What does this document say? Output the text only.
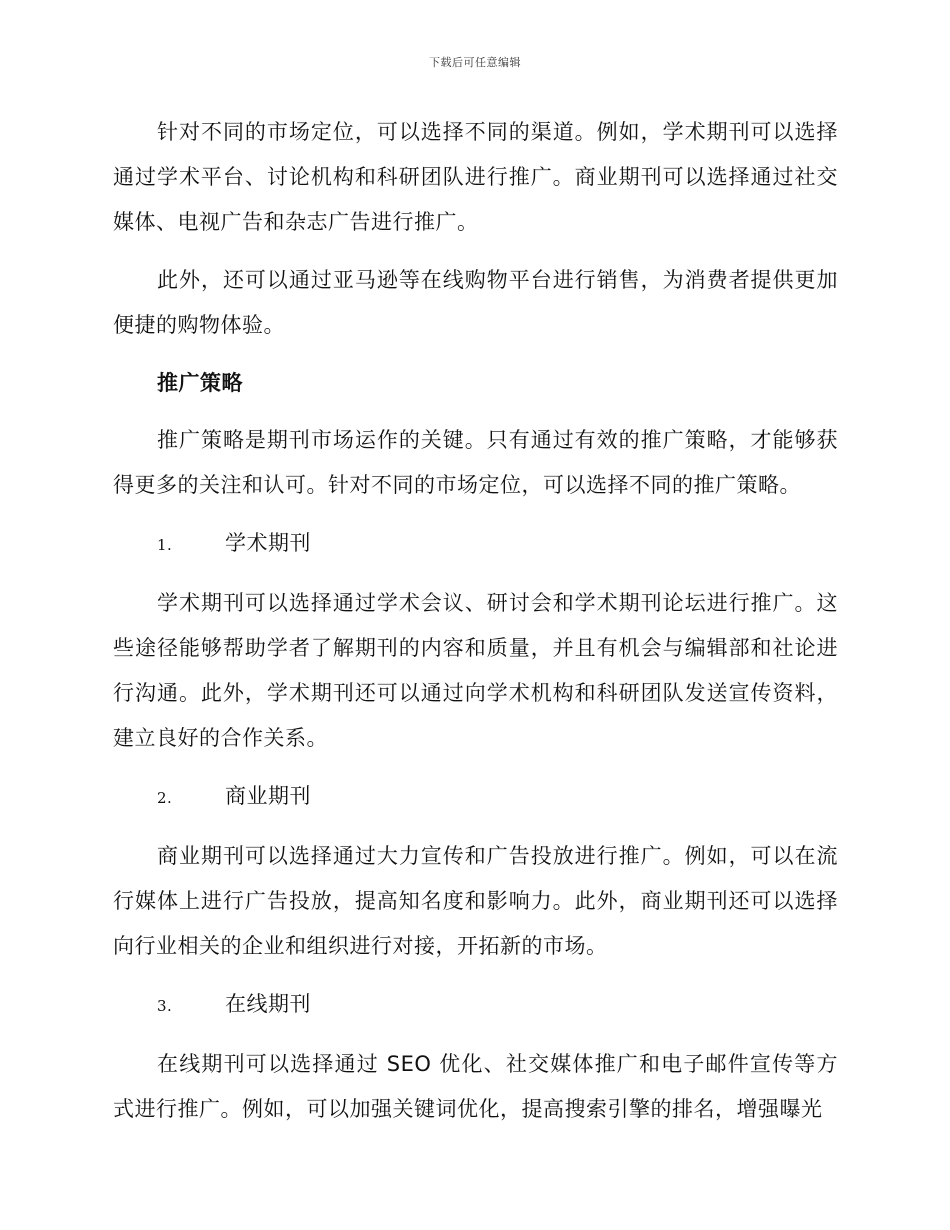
下载后可任意编辑

针对不同的市场定位，可以选择不同的渠道。例如，学术期刊可以选择通过学术平台、讨论机构和科研团队进行推广。商业期刊可以选择通过社交媒体、电视广告和杂志广告进行推广。

此外，还可以通过亚马逊等在线购物平台进行销售，为消费者提供更加便捷的购物体验。

推广策略

推广策略是期刊市场运作的关键。只有通过有效的推广策略，才能够获得更多的关注和认可。针对不同的市场定位，可以选择不同的推广策略。

1.	学术期刊

学术期刊可以选择通过学术会议、研讨会和学术期刊论坛进行推广。这些途径能够帮助学者了解期刊的内容和质量，并且有机会与编辑部和社论进行沟通。此外，学术期刊还可以通过向学术机构和科研团队发送宣传资料，建立良好的合作关系。

2.	商业期刊

商业期刊可以选择通过大力宣传和广告投放进行推广。例如，可以在流行媒体上进行广告投放，提高知名度和影响力。此外，商业期刊还可以选择向行业相关的企业和组织进行对接，开拓新的市场。

3.	在线期刊

在线期刊可以选择通过 SEO 优化、社交媒体推广和电子邮件宣传等方式进行推广。例如，可以加强关键词优化，提高搜索引擎的排名，增强曝光
